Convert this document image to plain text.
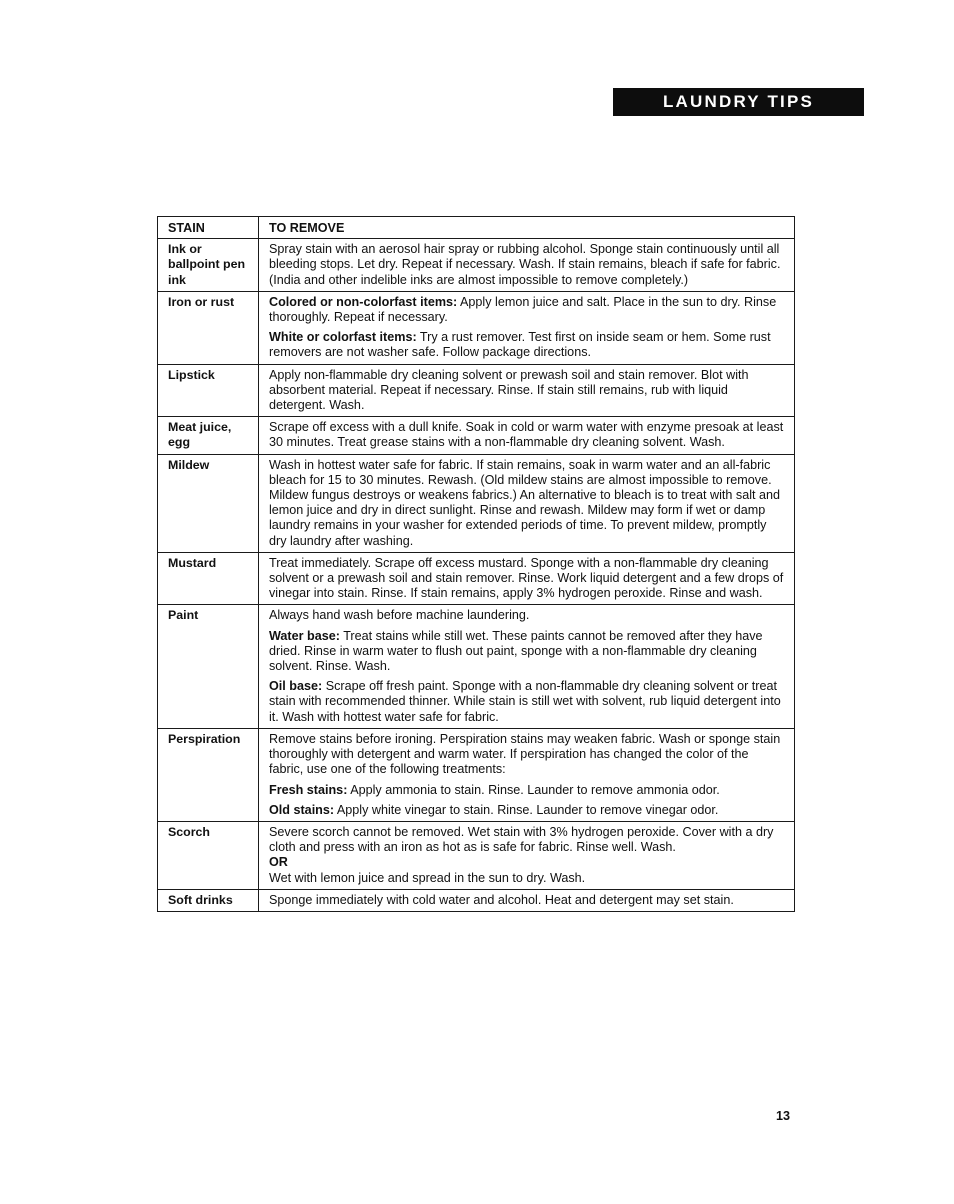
LAUNDRY TIPS
STAIN	TO REMOVE
Ink or ballpoint pen ink	Spray stain with an aerosol hair spray or rubbing alcohol. Sponge stain continuously until all bleeding stops. Let dry. Repeat if necessary. Wash. If stain remains, bleach if safe for fabric. (India and other indelible inks are almost impossible to remove completely.)

Iron or rust	Colored or non-colorfast items: Apply lemon juice and salt. Place in the sun to dry. Rinse thoroughly. Repeat if necessary.

White or colorfast items: Try a rust remover. Test first on inside seam or hem. Some rust removers are not washer safe. Follow package directions.

Lipstick	Apply non-flammable dry cleaning solvent or prewash soil and stain remover. Blot with absorbent material. Repeat if necessary. Rinse. If stain still remains, rub with liquid detergent. Wash.

Meat juice, egg	Scrape off excess with a dull knife. Soak in cold or warm water with enzyme presoak at least 30 minutes. Treat grease stains with a non-flammable dry cleaning solvent. Wash.

Mildew	Wash in hottest water safe for fabric. If stain remains, soak in warm water and an all-fabric bleach for 15 to 30 minutes. Rewash. (Old mildew stains are almost impossible to remove. Mildew fungus destroys or weakens fabrics.) An alternative to bleach is to treat with salt and lemon juice and dry in direct sunlight. Rinse and rewash. Mildew may form if wet or damp laundry remains in your washer for extended periods of time. To prevent mildew, promptly dry laundry after washing.

Mustard	Treat immediately. Scrape off excess mustard. Sponge with a non-flammable dry cleaning solvent or a prewash soil and stain remover. Rinse. Work liquid detergent and a few drops of vinegar into stain. Rinse. If stain remains, apply 3% hydrogen peroxide. Rinse and wash.

Paint	Always hand wash before machine laundering.

Water base: Treat stains while still wet. These paints cannot be removed after they have dried. Rinse in warm water to flush out paint, sponge with a non-flammable dry cleaning solvent. Rinse. Wash.

Oil base: Scrape off fresh paint. Sponge with a non-flammable dry cleaning solvent or treat stain with recommended thinner. While stain is still wet with solvent, rub liquid detergent into it. Wash with hottest water safe for fabric.

Perspiration	Remove stains before ironing. Perspiration stains may weaken fabric. Wash or sponge stain thoroughly with detergent and warm water. If perspiration has changed the color of the fabric, use one of the following treatments:

Fresh stains: Apply ammonia to stain. Rinse. Launder to remove ammonia odor.

Old stains: Apply white vinegar to stain. Rinse. Launder to remove vinegar odor.

Scorch	Severe scorch cannot be removed. Wet stain with 3% hydrogen peroxide. Cover with a dry cloth and press with an iron as hot as is safe for fabric. Rinse well. Wash.

OR

Wet with lemon juice and spread in the sun to dry. Wash.

Soft drinks	Sponge immediately with cold water and alcohol. Heat and detergent may set stain.

13
